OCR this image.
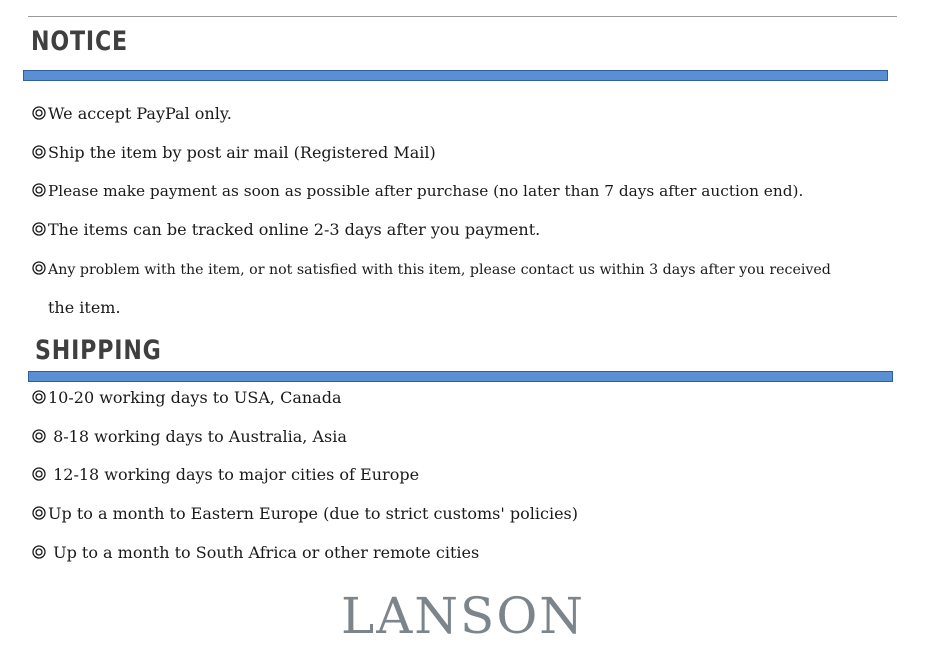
NOTICE
We accept PayPal only.
Ship the item by post air mail (Registered Mail)
Please make payment as soon as possible after purchase (no later than 7 days after auction end).
The items can be tracked online 2-3 days after you payment.
Any problem with the item, or not satisfied with this item, please contact us within 3 days after you received
the item.
SHIPPING
10-20 working days to USA, Canada
8-18 working days to Australia, Asia
12-18 working days to major cities of Europe
Up to a month to Eastern Europe (due to strict customs' policies)
Up to a month to South Africa or other remote cities
LANSON
